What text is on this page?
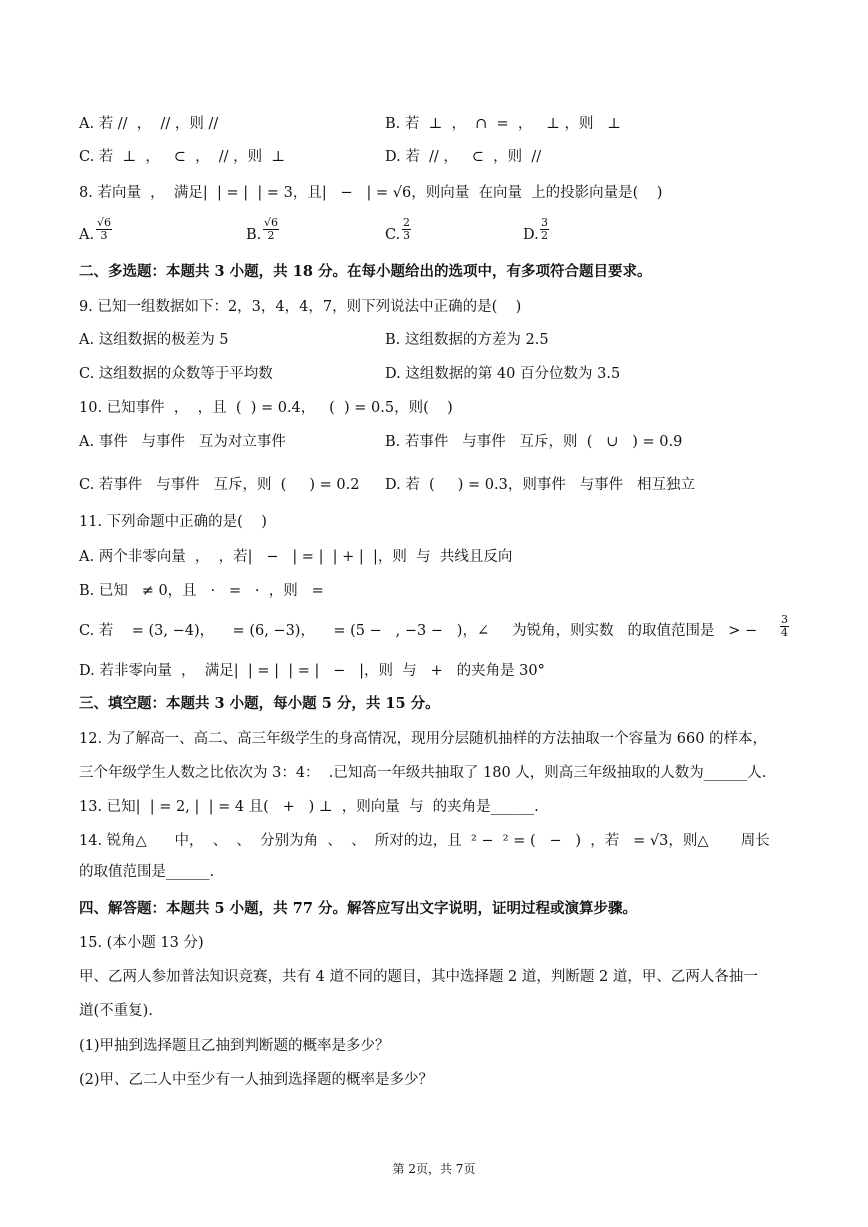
A. 若 //  ，  // ，则 //	B. 若  ⊥  ，  ∩  =  ，   ⊥ ，则   ⊥
C. 若  ⊥  ，   ⊂  ，  // ，则  ⊥	D. 若  // ，   ⊂  ，则  //
8. 若向量  ，  满足|  | = |  | = 3，且|   −   | = √6，则向量  在向量  上的投影向量是(    )
A. $\frac{√6}{3}$	B. $\frac{√6}{2}$	C. $\frac{2}{3}$	D. $\frac{3}{2}$
二、多选题：本题共 3 小题，共 18 分。在每小题给出的选项中，有多项符合题目要求。
9. 已知一组数据如下：2，3，4，4，7，则下列说法中正确的是(    )
A. 这组数据的极差为 5	B. 这组数据的方差为 2.5
C. 这组数据的众数等于平均数	D. 这组数据的第 40 百分位数为 3.5
10. 已知事件  ，  ，且  (  ) = 0.4，   (  ) = 0.5，则(    )
A. 事件   与事件   互为对立事件	B. 若事件   与事件   互斥，则  (   ∪   ) = 0.9
C. 若事件   与事件   互斥，则  (     ) = 0.2 D. 若  (     ) = 0.3，则事件   与事件   相互独立
11. 下列命题中正确的是(    )
A. 两个非零向量  ，  ，若|   −   | = |  | + |  |，则  与  共线且反向
B. 已知   ≠ 0，且   ·   =   ·  ，则   =
C. 若    = (3, −4)，    = (6, −3)，    = (5 −   , −3 −   )，∠     为锐角，则实数   的取值范围是   > − $\frac{3}{4}$
D. 若非零向量  ，  满足|  | = |  | = |   −   |，则  与   +   的夹角是 30°
三、填空题：本题共 3 小题，每小题 5 分，共 15 分。
12. 为了解高一、高二、高三年级学生的身高情况，现用分层随机抽样的方法抽取一个容量为 660 的样本，
三个年级学生人数之比依次为 3：4：  .已知高一年级共抽取了 180 人，则高三年级抽取的人数为______人.
13. 已知|  | = 2, |  | = 4 且(   +   ) ⊥  ，则向量  与  的夹角是______.
14. 锐角△      中，  、  、  分别为角  、  、  所对的边，且  ² −  ² = (   −   )  ，若   = √3，则△       周长
的取值范围是______.
四、解答题：本题共 5 小题，共 77 分。解答应写出文字说明，证明过程或演算步骤。
15. (本小题 13 分)
甲、乙两人参加普法知识竞赛，共有 4 道不同的题目，其中选择题 2 道，判断题 2 道，甲、乙两人各抽一
道(不重复).
(1)甲抽到选择题且乙抽到判断题的概率是多少？
(2)甲、乙二人中至少有一人抽到选择题的概率是多少？
第 2页，共 7页
